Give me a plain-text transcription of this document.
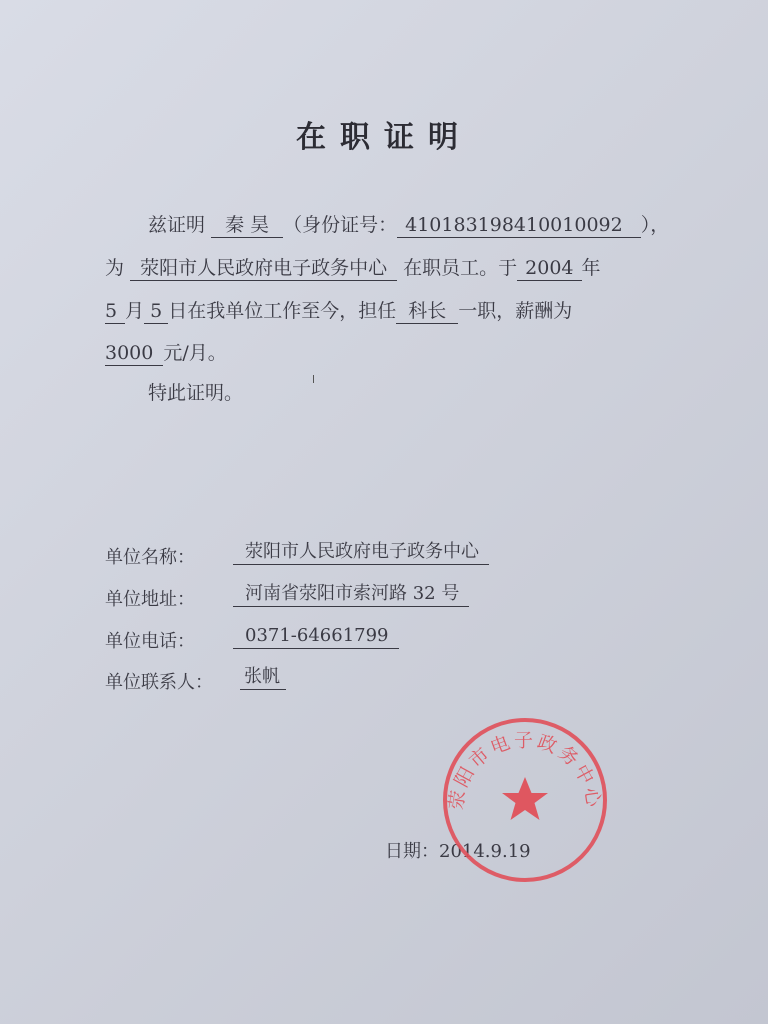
在职证明
兹证明 秦 昊 （身份证号： 410183198410010092 ），
为 荥阳市人民政府电子政务中心 在职员工。于 2004 年
5 月 5 日在我单位工作至今，担任 科长 一职，薪酬为
3000 元/月。
特此证明。
单位名称：	荥阳市人民政府电子政务中心
单位地址：	河南省荥阳市索河路 32 号
单位电话：	0371-64661799
单位联系人： 张帆
日期：2014.9.19
荥阳市电子政务中心
